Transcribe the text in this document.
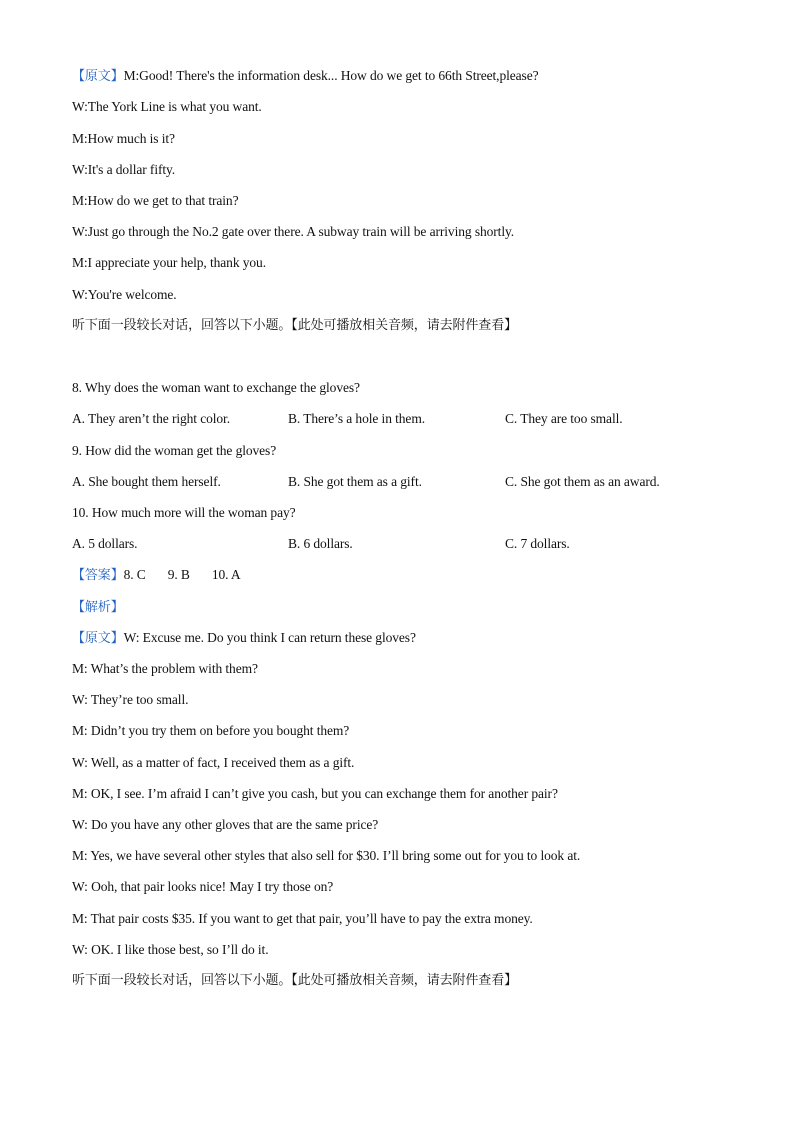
【原文】M:Good! There's the information desk... How do we get to 66th Street,please?
W:The York Line is what you want.
M:How much is it?
W:It's a dollar fifty.
M:How do we get to that train?
W:Just go through the No.2 gate over there. A subway train will be arriving shortly.
M:I appreciate your help, thank you.
W:You're welcome.
听下面一段较长对话，回答以下小题。【此处可播放相关音频，请去附件查看】
8. Why does the woman want to exchange the gloves?
A. They aren’t the right color.	B. There’s a hole in them.	C. They are too small.
9. How did the woman get the gloves?
A. She bought them herself.	B. She got them as a gift.	C. She got them as an award.
10. How much more will the woman pay?
A. 5 dollars.	B. 6 dollars.	C. 7 dollars.
【答案】8. C 9. B 10. A
【解析】
【原文】W: Excuse me. Do you think I can return these gloves?
M: What’s the problem with them?
W: They’re too small.
M: Didn’t you try them on before you bought them?
W: Well, as a matter of fact, I received them as a gift.
M: OK, I see. I’m afraid I can’t give you cash, but you can exchange them for another pair?
W: Do you have any other gloves that are the same price?
M: Yes, we have several other styles that also sell for $30. I’ll bring some out for you to look at.
W: Ooh, that pair looks nice! May I try those on?
M: That pair costs $35. If you want to get that pair, you’ll have to pay the extra money.
W: OK. I like those best, so I’ll do it.
听下面一段较长对话，回答以下小题。【此处可播放相关音频，请去附件查看】
